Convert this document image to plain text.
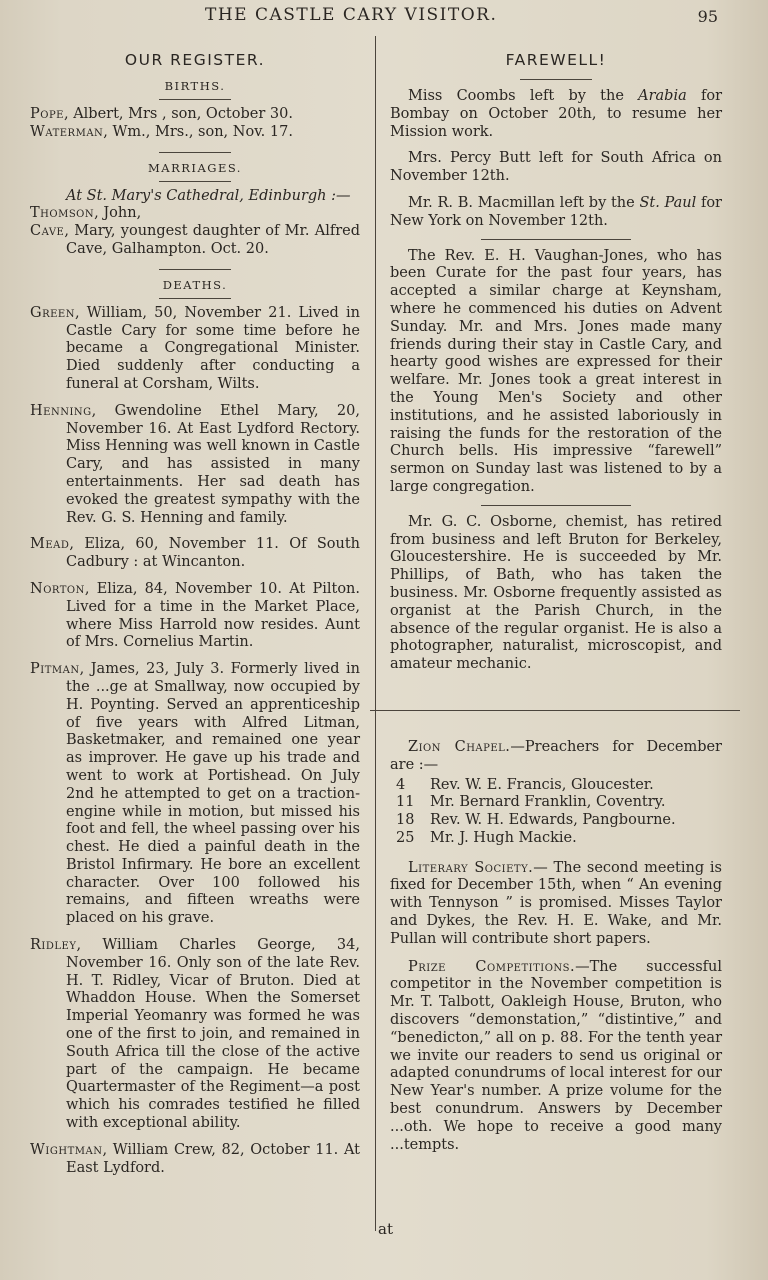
THE CASTLE CARY VISITOR.	95
OUR REGISTER.
BIRTHS.

Pope, Albert, Mrs , son, October 30.

Waterman, Wm., Mrs., son, Nov. 17.

MARRIAGES.
At St. Mary's Cathedral, Edinburgh :—

Thomson, John,

Cave, Mary, youngest daughter of Mr. Alfred Cave, Galhampton. Oct. 20.

DEATHS.

Green, William, 50, November 21. Lived in Castle Cary for some time before he became a Congregational Minister. Died suddenly after conducting a funeral at Corsham, Wilts.

Henning, Gwendoline Ethel Mary, 20, November 16. At East Lydford Rectory. Miss Henning was well known in Castle Cary, and has assisted in many entertainments. Her sad death has evoked the greatest sympathy with the Rev. G. S. Henning and family.

Mead, Eliza, 60, November 11. Of South Cadbury : at Wincanton.

Norton, Eliza, 84, November 10. At Pilton. Lived for a time in the Market Place, where Miss Harrold now resides. Aunt of Mrs. Cornelius Martin.

Pitman, James, 23, July 3. Formerly lived in the ...ge at Smallway, now occupied by H. Poynting. Served an apprenticeship of five years with Alfred Litman, Basketmaker, and remained one year as improver. He gave up his trade and went to work at Portishead. On July 2nd he attempted to get on a traction-engine while in motion, but missed his foot and fell, the wheel passing over his chest. He died a painful death in the Bristol Infirmary. He bore an excellent character. Over 100 followed his remains, and fifteen wreaths were placed on his grave.

Ridley, William Charles George, 34, November 16. Only son of the late Rev. H. T. Ridley, Vicar of Bruton. Died at Whaddon House. When the Somerset Imperial Yeomanry was formed he was one of the first to join, and remained in South Africa till the close of the active part of the campaign. He became Quartermaster of the Regiment—a post which his comrades testified he filled with exceptional ability.

Wightman, William Crew, 82, October 11. At East Lydford.

FAREWELL!

Miss Coombs left by the Arabia for Bombay on October 20th, to resume her Mission work.

Mrs. Percy Butt left for South Africa on November 12th.

Mr. R. B. Macmillan left by the St. Paul for New York on November 12th.

The Rev. E. H. Vaughan-Jones, who has been Curate for the past four years, has accepted a similar charge at Keynsham, where he commenced his duties on Advent Sunday. Mr. and Mrs. Jones made many friends during their stay in Castle Cary, and hearty good wishes are expressed for their welfare. Mr. Jones took a great interest in the Young Men's Society and other institutions, and he assisted laboriously in raising the funds for the restoration of the Church bells. His impressive “farewell” sermon on Sunday last was listened to by a large congregation.

Mr. G. C. Osborne, chemist, has retired from business and left Bruton for Berkeley, Gloucestershire. He is succeeded by Mr. Phillips, of Bath, who has taken the business. Mr. Osborne frequently assisted as organist at the Parish Church, in the absence of the regular organist. He is also a photographer, naturalist, microscopist, and amateur mechanic.

Zion Chapel.—Preachers for December are :—

4	Rev. W. E. Francis, Gloucester.
11	Mr. Bernard Franklin, Coventry.
18	Rev. W. H. Edwards, Pangbourne.
25	Mr. J. Hugh Mackie.

Literary Society.— The second meeting is fixed for December 15th, when “ An evening with Tennyson ” is promised. Misses Taylor and Dykes, the Rev. H. E. Wake, and Mr. Pullan will contribute short papers.

Prize Competitions.—The successful competitor in the November competition is Mr. T. Talbott, Oakleigh House, Bruton, who discovers “demonstation,” “distintive,” and “benedicton,” all on p. 88. For the tenth year we invite our readers to send us original or adapted conundrums of local interest for our New Year's number. A prize volume for the best conundrum. Answers by December ...oth. We hope to receive a good many ...tempts.

at
